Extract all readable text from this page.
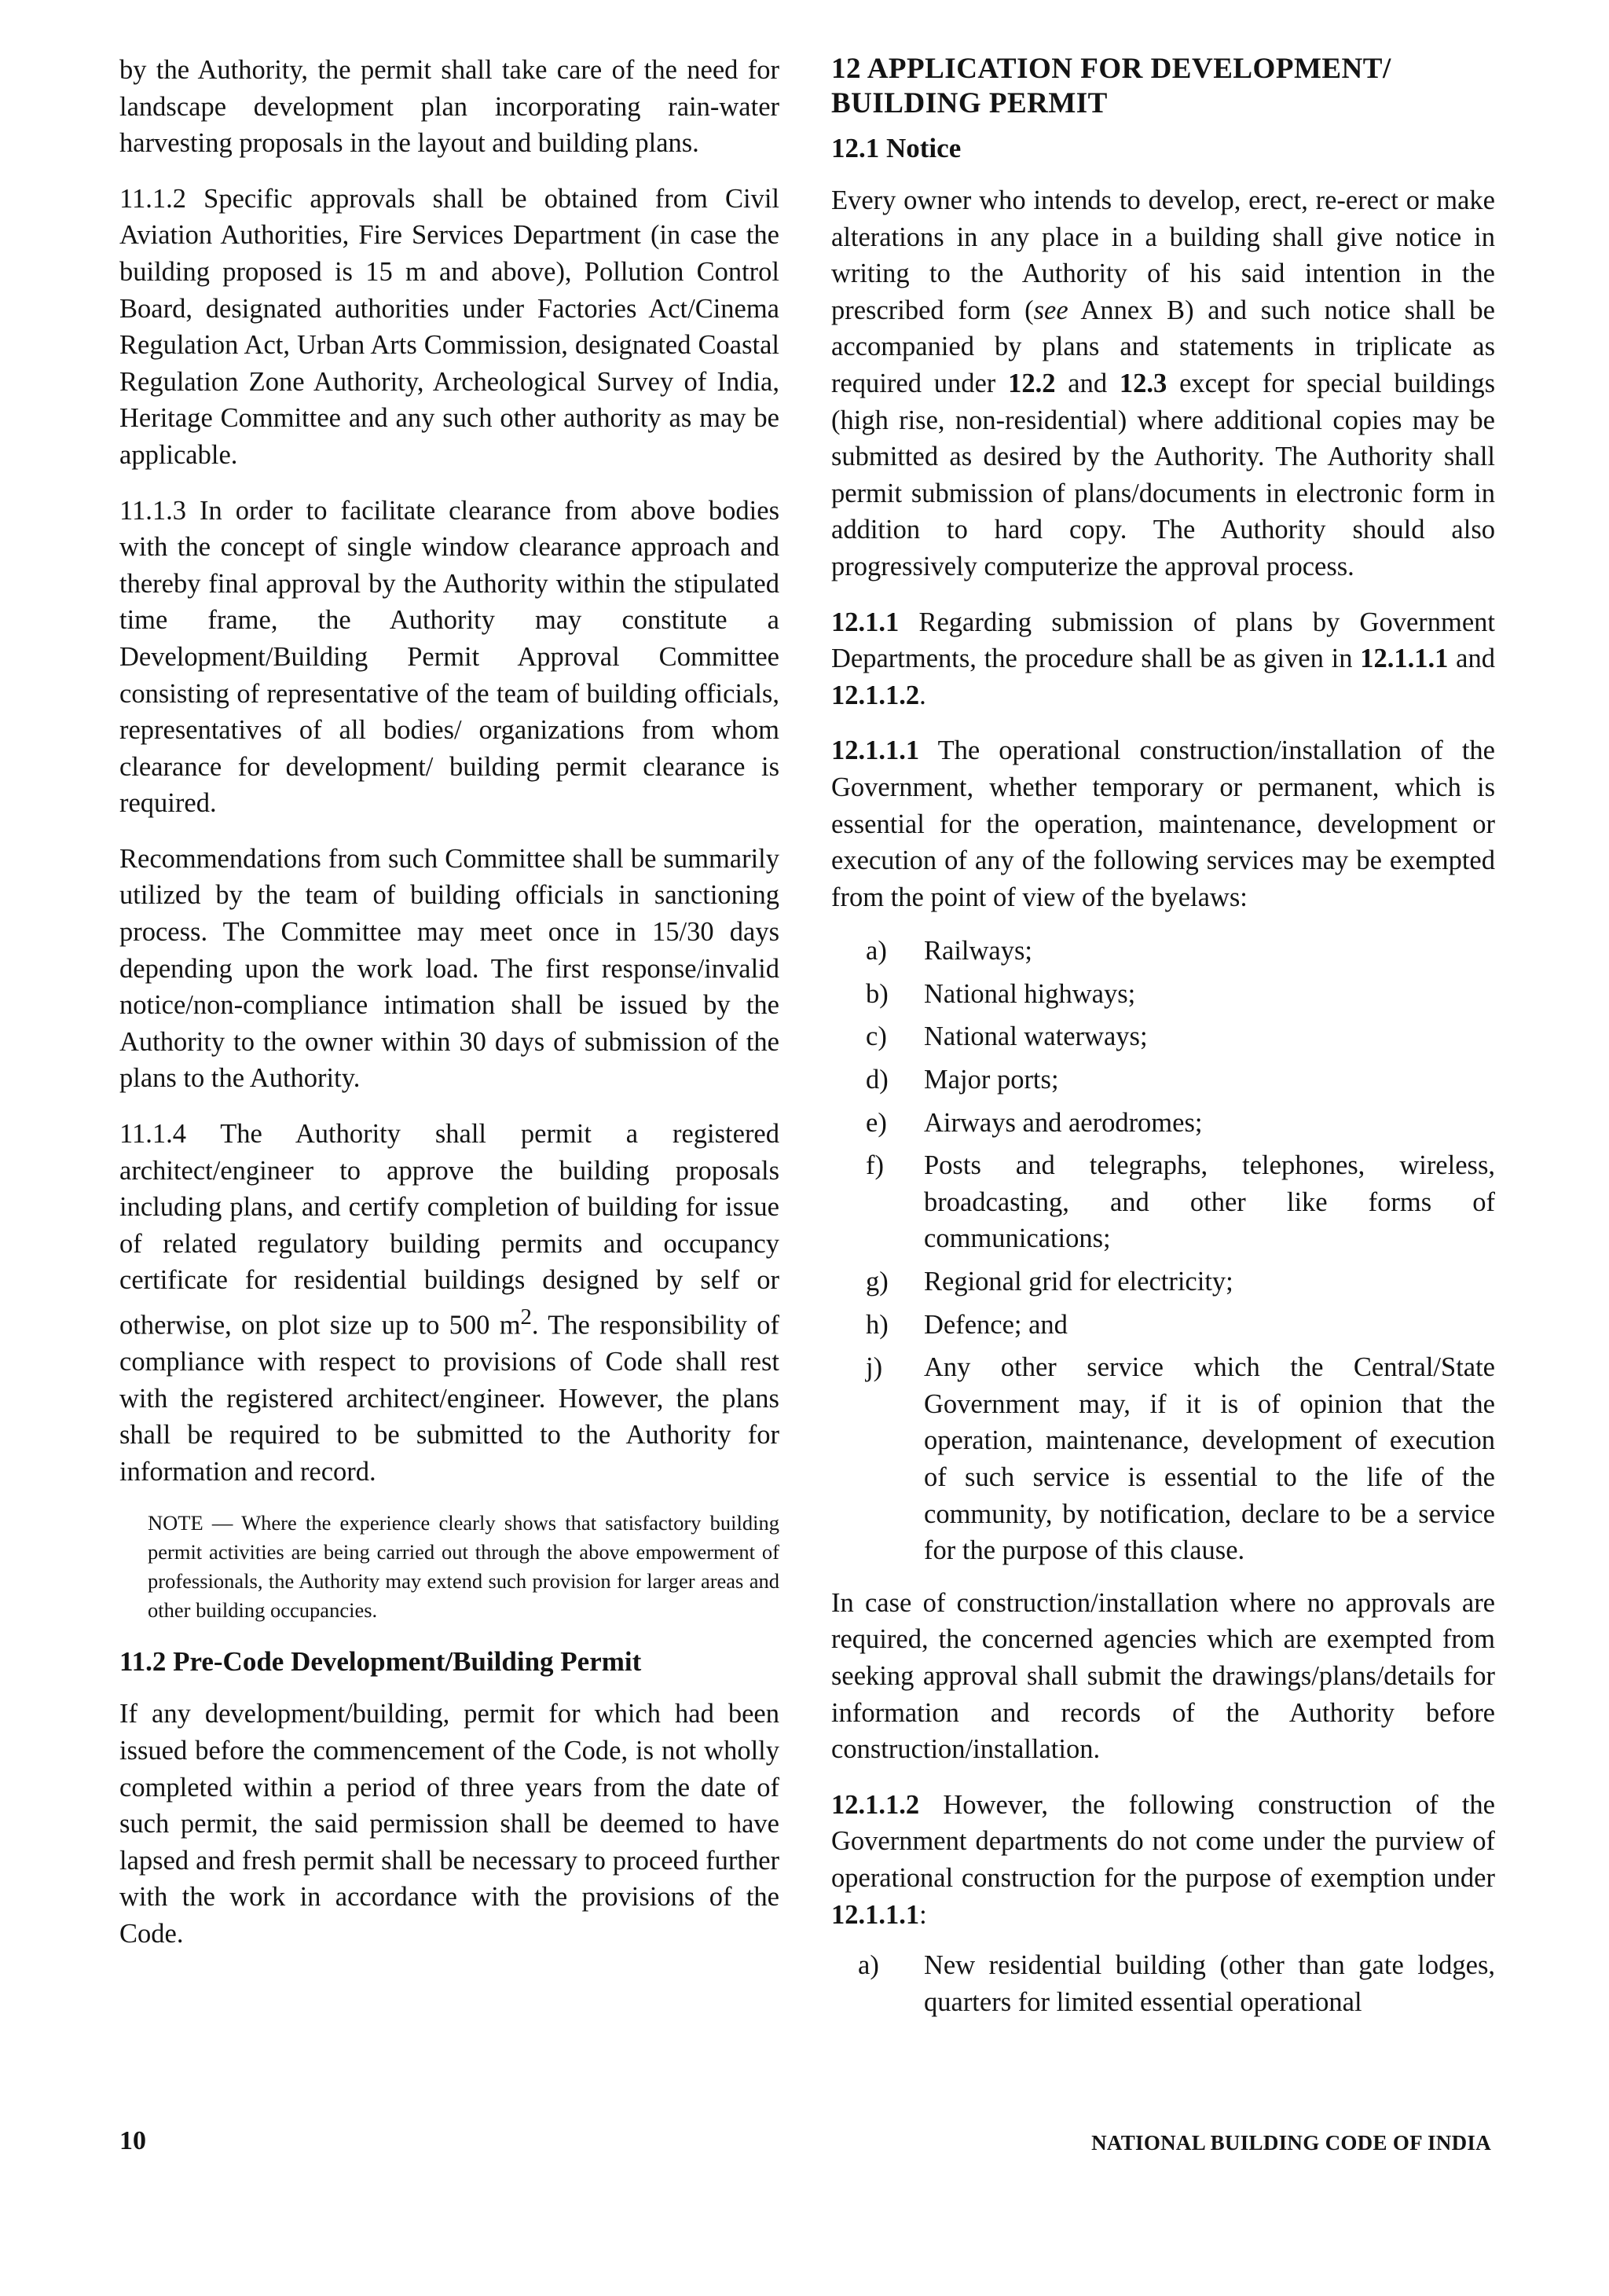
by the Authority, the permit shall take care of the need for landscape development plan incorporating rain-water harvesting proposals in the layout and building plans.

11.1.2 Specific approvals shall be obtained from Civil Aviation Authorities, Fire Services Department (in case the building proposed is 15 m and above), Pollution Control Board, designated authorities under Factories Act/Cinema Regulation Act, Urban Arts Commission, designated Coastal Regulation Zone Authority, Archeological Survey of India, Heritage Committee and any such other authority as may be applicable.

11.1.3 In order to facilitate clearance from above bodies with the concept of single window clearance approach and thereby final approval by the Authority within the stipulated time frame, the Authority may constitute a Development/Building Permit Approval Committee consisting of representative of the team of building officials, representatives of all bodies/ organizations from whom clearance for development/ building permit clearance is required.

Recommendations from such Committee shall be summarily utilized by the team of building officials in sanctioning process. The Committee may meet once in 15/30 days depending upon the work load. The first response/invalid notice/non-compliance intimation shall be issued by the Authority to the owner within 30 days of submission of the plans to the Authority.

11.1.4 The Authority shall permit a registered architect/engineer to approve the building proposals including plans, and certify completion of building for issue of related regulatory building permits and occupancy certificate for residential buildings designed by self or otherwise, on plot size up to 500 $m^2$. The responsibility of compliance with respect to provisions of Code shall rest with the registered architect/engineer. However, the plans shall be required to be submitted to the Authority for information and record.

NOTE — Where the experience clearly shows that satisfactory building permit activities are being carried out through the above empowerment of professionals, the Authority may extend such provision for larger areas and other building occupancies.

11.2 Pre-Code Development/Building Permit

If any development/building, permit for which had been issued before the commencement of the Code, is not wholly completed within a period of three years from the date of such permit, the said permission shall be deemed to have lapsed and fresh permit shall be necessary to proceed further with the work in accordance with the provisions of the Code.

12 APPLICATION FOR DEVELOPMENT/ BUILDING PERMIT

12.1 Notice

Every owner who intends to develop, erect, re-erect or make alterations in any place in a building shall give notice in writing to the Authority of his said intention in the prescribed form (see Annex B) and such notice shall be accompanied by plans and statements in triplicate as required under 12.2 and 12.3 except for special buildings (high rise, non-residential) where additional copies may be submitted as desired by the Authority. The Authority shall permit submission of plans/documents in electronic form in addition to hard copy. The Authority should also progressively computerize the approval process.

12.1.1 Regarding submission of plans by Government Departments, the procedure shall be as given in 12.1.1.1 and 12.1.1.2.

12.1.1.1 The operational construction/installation of the Government, whether temporary or permanent, which is essential for the operation, maintenance, development or execution of any of the following services may be exempted from the point of view of the byelaws:

a)	Railways;
b)	National highways;
c)	National waterways;
d)	Major ports;
e)	Airways and aerodromes;
f)	Posts and telegraphs, telephones, wireless, broadcasting, and other like forms of communications;
g)	Regional grid for electricity;
h)	Defence; and
j)	Any other service which the Central/State Government may, if it is of opinion that the operation, maintenance, development of execution of such service is essential to the life of the community, by notification, declare to be a service for the purpose of this clause.

In case of construction/installation where no approvals are required, the concerned agencies which are exempted from seeking approval shall submit the drawings/plans/details for information and records of the Authority before construction/installation.

12.1.1.2 However, the following construction of the Government departments do not come under the purview of operational construction for the purpose of exemption under 12.1.1.1:

a)	New residential building (other than gate lodges, quarters for limited essential operational
10	NATIONAL BUILDING CODE OF INDIA
